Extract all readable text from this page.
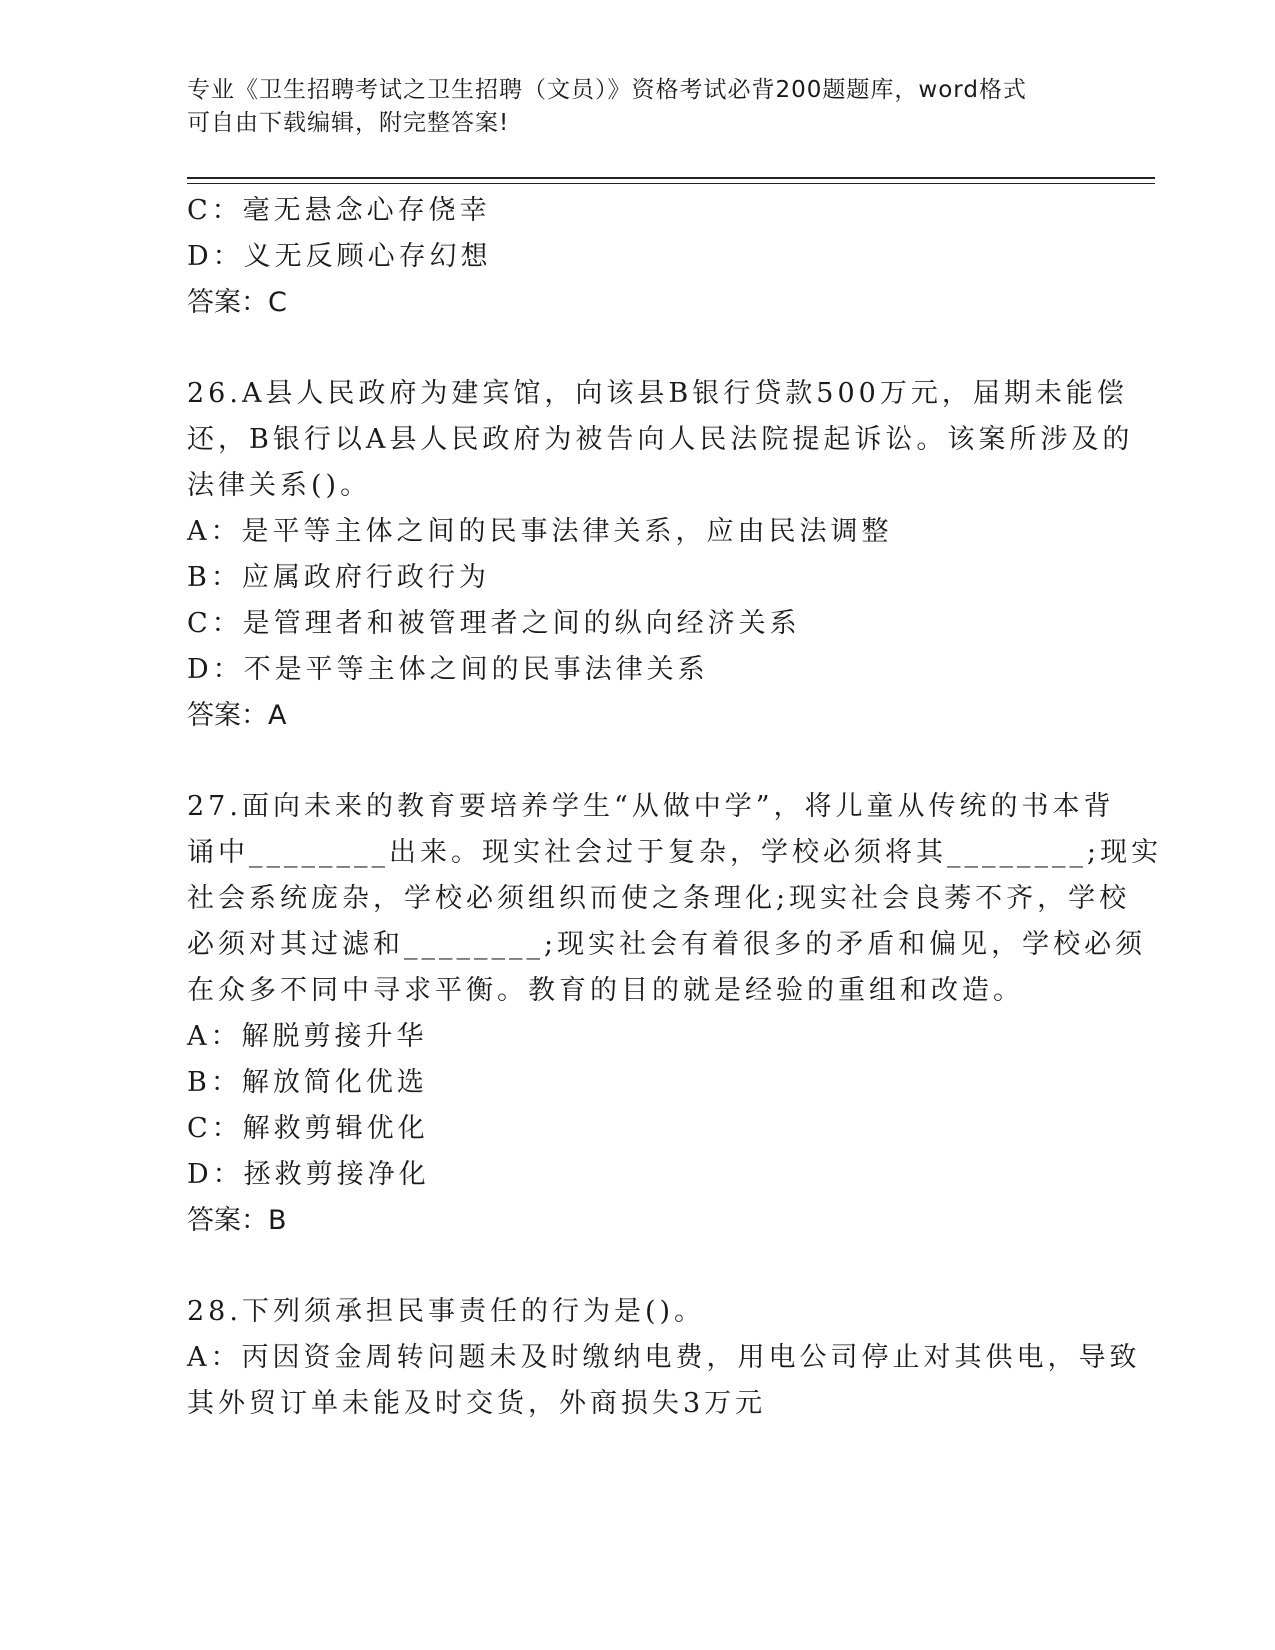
专业《卫生招聘考试之卫生招聘（文员）》资格考试必背200题题库，word格式
可自由下载编辑，附完整答案!
C：毫无悬念心存侥幸
D：义无反顾心存幻想
答案：C
26.A县人民政府为建宾馆，向该县B银行贷款500万元，届期未能偿
还，B银行以A县人民政府为被告向人民法院提起诉讼。该案所涉及的
法律关系()。
A：是平等主体之间的民事法律关系，应由民法调整
B：应属政府行政行为
C：是管理者和被管理者之间的纵向经济关系
D：不是平等主体之间的民事法律关系
答案：A
27.面向未来的教育要培养学生“从做中学”，将儿童从传统的书本背
诵中________出来。现实社会过于复杂，学校必须将其________;现实
社会系统庞杂，学校必须组织而使之条理化;现实社会良莠不齐，学校
必须对其过滤和________;现实社会有着很多的矛盾和偏见，学校必须
在众多不同中寻求平衡。教育的目的就是经验的重组和改造。
A：解脱剪接升华
B：解放简化优选
C：解救剪辑优化
D：拯救剪接净化
答案：B
28.下列须承担民事责任的行为是()。
A：丙因资金周转问题未及时缴纳电费，用电公司停止对其供电，导致
其外贸订单未能及时交货，外商损失3万元
